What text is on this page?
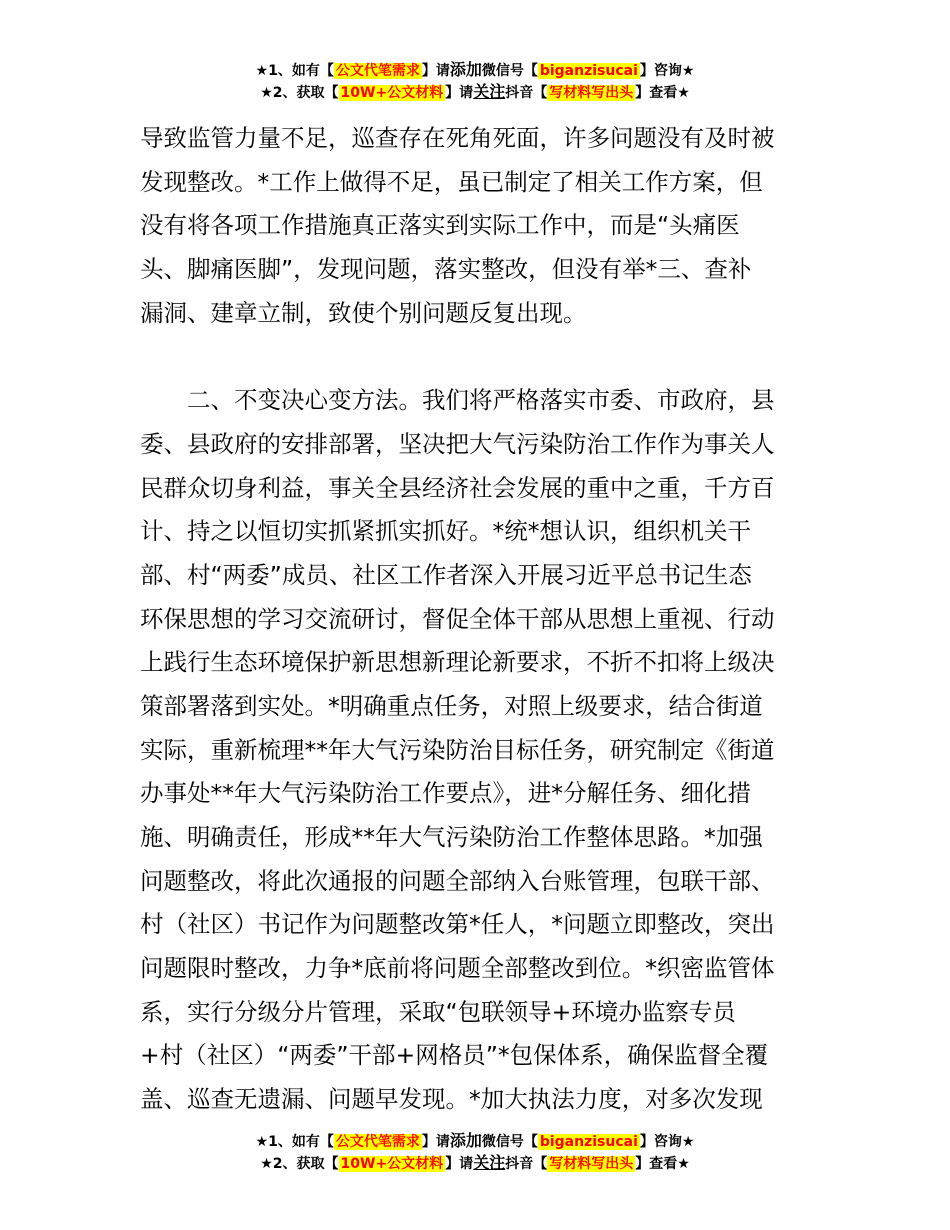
★1、如有【 公文代笔需求 】请添加微信号【 biganzisucai 】咨询★
★2、获取【 10W+公文材料 】请关注抖音【 写材料写出头 】查看★
导致监管力量不足，巡查存在死角死面，许多问题没有及时被
发现整改。*工作上做得不足，虽已制定了相关工作方案，但
没有将各项工作措施真正落实到实际工作中，而是“头痛医
头、脚痛医脚”，发现问题，落实整改，但没有举*三、查补
漏洞、建章立制，致使个别问题反复出现。
　　二、不变决心变方法。我们将严格落实市委、市政府，县
委、县政府的安排部署，坚决把大气污染防治工作作为事关人
民群众切身利益，事关全县经济社会发展的重中之重，千方百
计、持之以恒切实抓紧抓实抓好。*统*想认识，组织机关干
部、村“两委”成员、社区工作者深入开展习近平总书记生态
环保思想的学习交流研讨，督促全体干部从思想上重视、行动
上践行生态环境保护新思想新理论新要求，不折不扣将上级决
策部署落到实处。*明确重点任务，对照上级要求，结合街道
实际，重新梳理**年大气污染防治目标任务，研究制定《街道
办事处**年大气污染防治工作要点》，进*分解任务、细化措
施、明确责任，形成**年大气污染防治工作整体思路。*加强
问题整改，将此次通报的问题全部纳入台账管理，包联干部、
村（社区）书记作为问题整改第*任人，*问题立即整改，突出
问题限时整改，力争*底前将问题全部整改到位。*织密监管体
系，实行分级分片管理，采取“包联领导+环境办监察专员
+村（社区）“两委”干部+网格员”*包保体系，确保监督全覆
盖、巡查无遗漏、问题早发现。*加大执法力度，对多次发现
★1、如有【 公文代笔需求 】请添加微信号【 biganzisucai 】咨询★
★2、获取【 10W+公文材料 】请关注抖音【 写材料写出头 】查看★
